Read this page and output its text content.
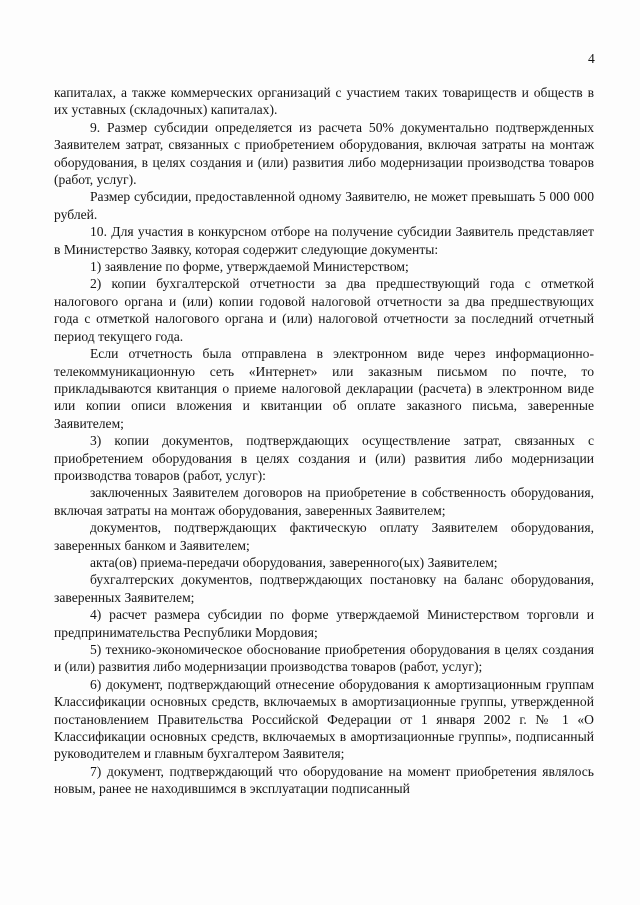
4

капиталах, а также коммерческих организаций с участием таких товариществ и обществ в их уставных (складочных) капиталах).

9. Размер субсидии определяется из расчета 50% документально подтвержденных Заявителем затрат, связанных с приобретением оборудования, включая затраты на монтаж оборудования, в целях создания и (или) развития либо модернизации производства товаров (работ, услуг).

Размер субсидии, предоставленной одному Заявителю, не может превышать 5 000 000 рублей.

10. Для участия в конкурсном отборе на получение субсидии Заявитель представляет в Министерство Заявку, которая содержит следующие документы:

1) заявление по форме, утверждаемой Министерством;

2) копии бухгалтерской отчетности за два предшествующий года с отметкой налогового органа и (или) копии годовой налоговой отчетности за два предшествующих года с отметкой налогового органа и (или) налоговой отчетности за последний отчетный период текущего года.

Если отчетность была отправлена в электронном виде через информационно-телекоммуникационную сеть «Интернет» или заказным письмом по почте, то прикладываются квитанция о приеме налоговой декларации (расчета) в электронном виде или копии описи вложения и квитанции об оплате заказного письма, заверенные Заявителем;

3) копии документов, подтверждающих осуществление затрат, связанных с приобретением оборудования в целях создания и (или) развития либо модернизации производства товаров (работ, услуг):

заключенных Заявителем договоров на приобретение в собственность оборудования, включая затраты на монтаж оборудования, заверенных Заявителем;

документов, подтверждающих фактическую оплату Заявителем оборудования, заверенных банком и Заявителем;

акта(ов) приема-передачи оборудования, заверенного(ых) Заявителем;

бухгалтерских документов, подтверждающих постановку на баланс оборудования, заверенных Заявителем;

4) расчет размера субсидии по форме утверждаемой Министерством торговли и предпринимательства Республики Мордовия;

5) технико-экономическое обоснование приобретения оборудования в целях создания и (или) развития либо модернизации производства товаров (работ, услуг);

6) документ, подтверждающий отнесение оборудования к амортизационным группам Классификации основных средств, включаемых в амортизационные группы, утвержденной постановлением Правительства Российской Федерации от 1 января 2002 г. № 1 «О Классификации основных средств, включаемых в амортизационные группы», подписанный руководителем и главным бухгалтером Заявителя;

7) документ, подтверждающий что оборудование на момент приобретения являлось новым, ранее не находившимся в эксплуатации подписанный
